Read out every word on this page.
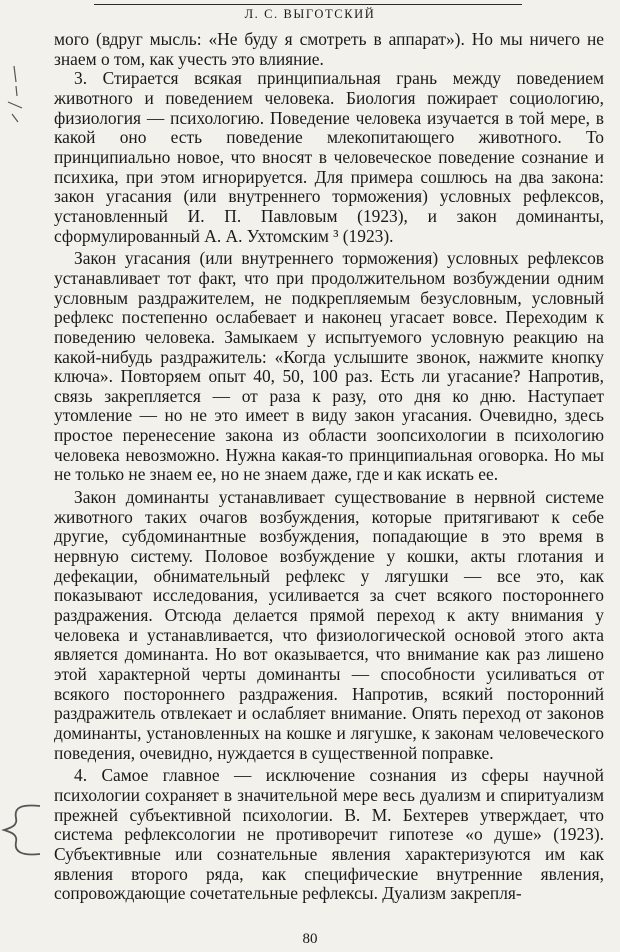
Л. С. ВЫГОТСКИЙ

мого (вдруг мысль: «Не буду я смотреть в аппарат»). Но мы ничего не знаем о том, как учесть это влияние.

3. Стирается всякая принципиальная грань между поведением животного и поведением человека. Биология пожирает социологию, физиология — психологию. Поведение человека изучается в той мере, в какой оно есть поведение млекопитающего животного. То принципиально новое, что вносят в человеческое поведение сознание и психика, при этом игнорируется. Для примера сошлюсь на два закона: закон угасания (или внутреннего торможения) условных рефлексов, установленный И. П. Павловым (1923), и закон доминанты, сформулированный А. А. Ухтомским ³ (1923).

Закон угасания (или внутреннего торможения) условных рефлексов устанавливает тот факт, что при продолжительном возбуждении одним условным раздражителем, не подкрепляемым безусловным, условный рефлекс постепенно ослабевает и наконец угасает вовсе. Переходим к поведению человека. Замыкаем у испытуемого условную реакцию на какой-нибудь раздражитель: «Когда услышите звонок, нажмите кнопку ключа». Повторяем опыт 40, 50, 100 раз. Есть ли угасание? Напротив, связь закрепляется — от раза к разу, ото дня ко дню. Наступает утомление — но не это имеет в виду закон угасания. Очевидно, здесь простое перенесение закона из области зоопсихологии в психологию человека невозможно. Нужна какая-то принципиальная оговорка. Но мы не только не знаем ее, но не знаем даже, где и как искать ее.

Закон доминанты устанавливает существование в нервной системе животного таких очагов возбуждения, которые притягивают к себе другие, субдоминантные возбуждения, попадающие в это время в нервную систему. Половое возбуждение у кошки, акты глотания и дефекации, обнимательный рефлекс у лягушки — все это, как показывают исследования, усиливается за счет всякого постороннего раздражения. Отсюда делается прямой переход к акту внимания у человека и устанавливается, что физиологической основой этого акта является доминанта. Но вот оказывается, что внимание как раз лишено этой характерной черты доминанты — способности усиливаться от всякого постороннего раздражения. Напротив, всякий посторонний раздражитель отвлекает и ослабляет внимание. Опять переход от законов доминанты, установленных на кошке и лягушке, к законам человеческого поведения, очевидно, нуждается в существенной поправке.

4. Самое главное — исключение сознания из сферы научной психологии сохраняет в значительной мере весь дуализм и спиритуализм прежней субъективной психологии. В. М. Бехтерев утверждает, что система рефлексологии не противоречит гипотезе «о душе» (1923). Субъективные или сознательные явления характеризуются им как явления второго ряда, как специфические внутренние явления, сопровождающие сочетательные рефлексы. Дуализм закрепля-

80
